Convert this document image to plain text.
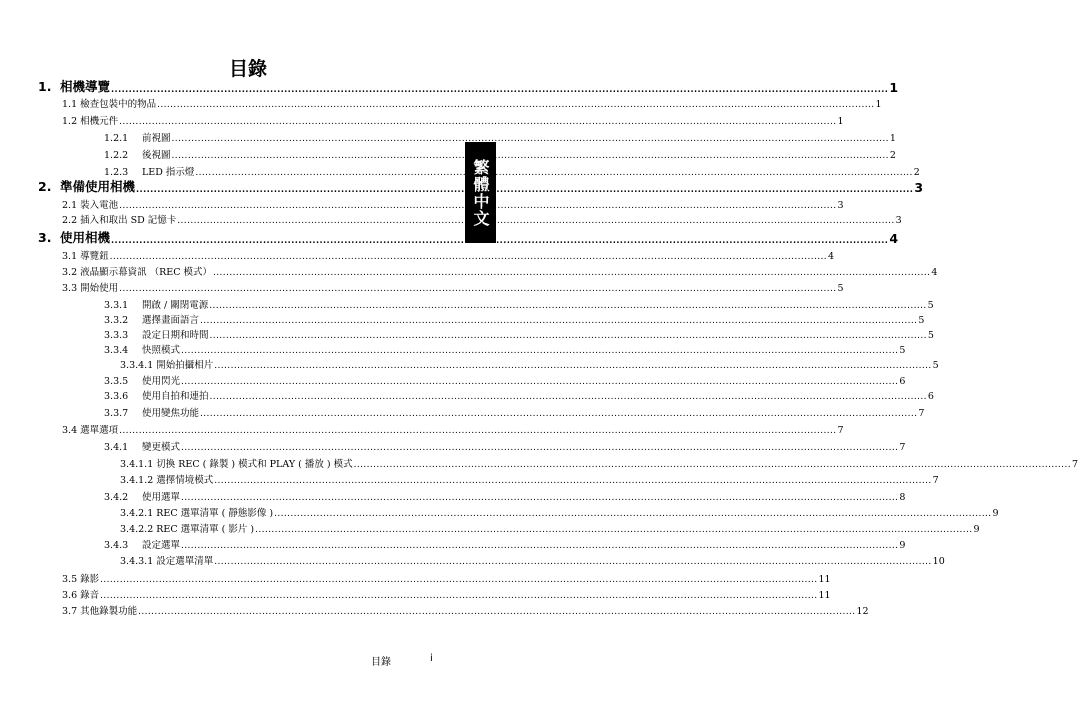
目錄
繁體中文
1. 相機導覽 ............................................................................................................................................................................................................................ 1
1.1 檢查包裝中的物品 ............................................................................................................................................................................................................................ 1
1.2 相機元件 ............................................................................................................................................................................................................................ 1
1.2.1 前視圖 ............................................................................................................................................................................................................................ 1
1.2.2 後視圖 ............................................................................................................................................................................................................................ 2
1.2.3 LED 指示燈 ............................................................................................................................................................................................................................ 2
2. 準備使用相機 ............................................................................................................................................................................................................................ 3
2.1 裝入電池 ............................................................................................................................................................................................................................ 3
2.2 插入和取出 SD 記憶卡 ............................................................................................................................................................................................................................ 3
3. 使用相機 ............................................................................................................................................................................................................................ 4
3.1 導覽鈕 ............................................................................................................................................................................................................................ 4
3.2 液晶顯示幕資訊 （REC 模式） ............................................................................................................................................................................................................................ 4
3.3 開始使用 ............................................................................................................................................................................................................................ 5
3.3.1 開啟 / 關閉電源 ............................................................................................................................................................................................................................ 5
3.3.2 選擇畫面語言 ............................................................................................................................................................................................................................ 5
3.3.3 設定日期和時間 ............................................................................................................................................................................................................................ 5
3.3.4 快照模式 ............................................................................................................................................................................................................................ 5
3.3.4.1 開始拍攝相片 ............................................................................................................................................................................................................................ 5
3.3.5 使用閃光 ............................................................................................................................................................................................................................ 6
3.3.6 使用自拍和連拍 ............................................................................................................................................................................................................................ 6
3.3.7 使用變焦功能 ............................................................................................................................................................................................................................ 7
3.4 選單選項 ............................................................................................................................................................................................................................ 7
3.4.1 變更模式 ............................................................................................................................................................................................................................ 7
3.4.1.1 切換 REC ( 錄製 ) 模式和 PLAY ( 播放 ) 模式 ............................................................................................................................................................................................................................ 7
3.4.1.2 選擇情境模式 ............................................................................................................................................................................................................................ 7
3.4.2 使用選單 ............................................................................................................................................................................................................................ 8
3.4.2.1 REC 選單清單 ( 靜態影像 ) ............................................................................................................................................................................................................................ 9
3.4.2.2 REC 選單清單 ( 影片 ) ............................................................................................................................................................................................................................ 9
3.4.3 設定選單 ............................................................................................................................................................................................................................ 9
3.4.3.1 設定選單清單 ............................................................................................................................................................................................................................ 10
3.5 錄影 ............................................................................................................................................................................................................................ 11
3.6 錄音 ............................................................................................................................................................................................................................ 11
3.7 其他錄製功能 ............................................................................................................................................................................................................................ 12
目錄	i
